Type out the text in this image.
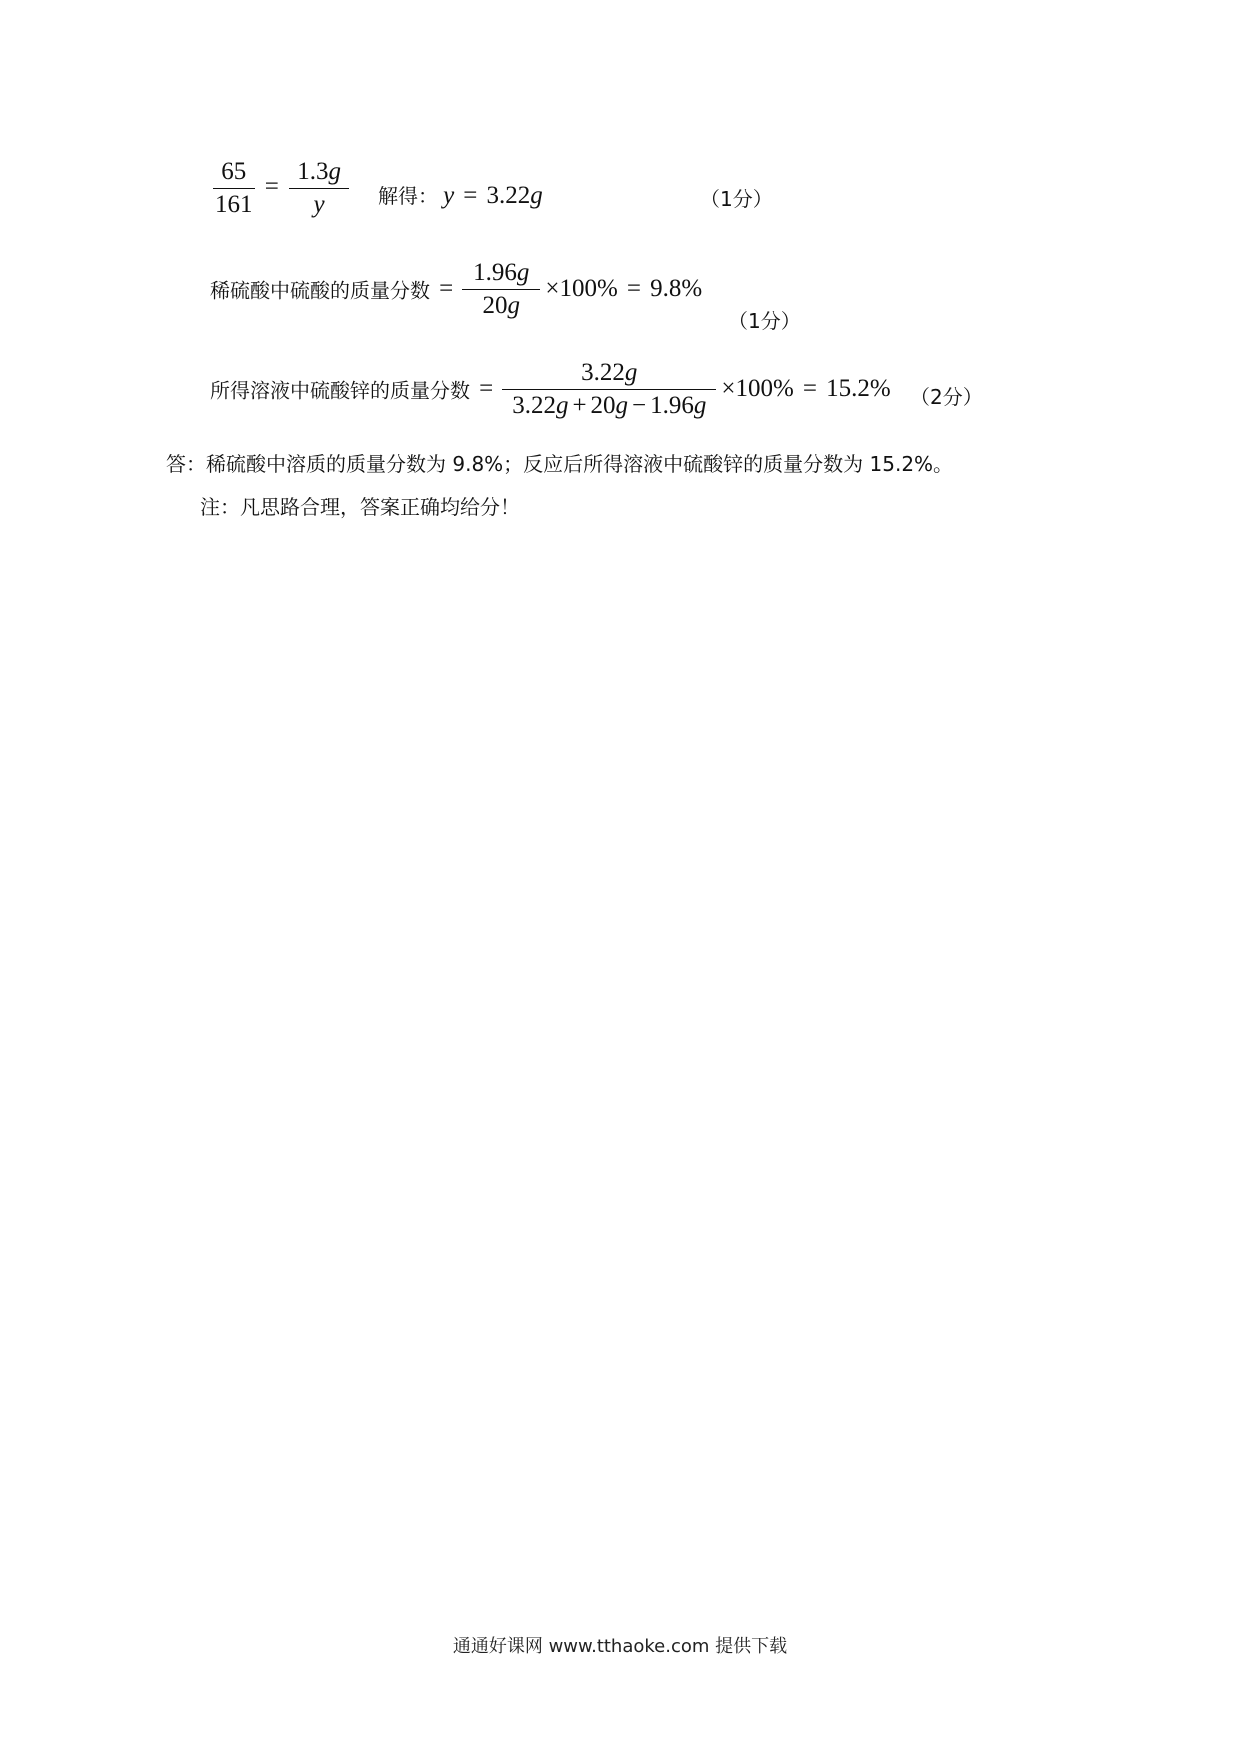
$\frac{65}{161} = \frac{1.3g}{y}$ 解得： y = 3.22g	（1分）
稀硫酸中硫酸的质量分数 = $\frac{1.96g}{20g} \times 100\% = 9.8\%$
（1分）
所得溶液中硫酸锌的质量分数 = $\frac{3.22g}{3.22g + 20g - 1.96g} \times 100\% = 15.2\%$ （2分）
答：稀硫酸中溶质的质量分数为 9.8%；反应后所得溶液中硫酸锌的质量分数为 15.2%。
注：凡思路合理，答案正确均给分！
通通好课网 www.tthaoke.com 提供下载
